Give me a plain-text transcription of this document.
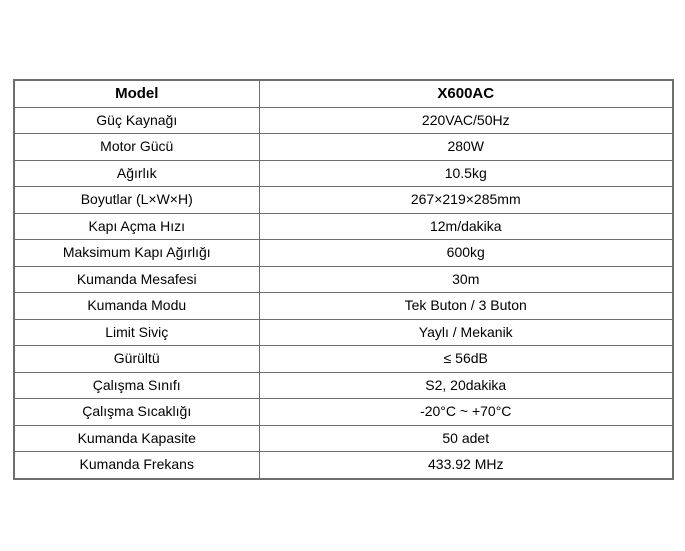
Model	X600AC
Güç Kaynağı	220VAC/50Hz
Motor Gücü	280W
Ağırlık	10.5kg
Boyutlar (L×W×H)	267×219×285mm
Kapı Açma Hızı	12m/dakika
Maksimum Kapı Ağırlığı	600kg
Kumanda Mesafesi	30m
Kumanda Modu	Tek Buton / 3 Buton
Limit Siviç	Yaylı / Mekanik
Gürültü	≤ 56dB
Çalışma Sınıfı	S2, 20dakika
Çalışma Sıcaklığı	-20°C ~ +70°C
Kumanda Kapasite	50 adet
Kumanda Frekans	433.92 MHz
